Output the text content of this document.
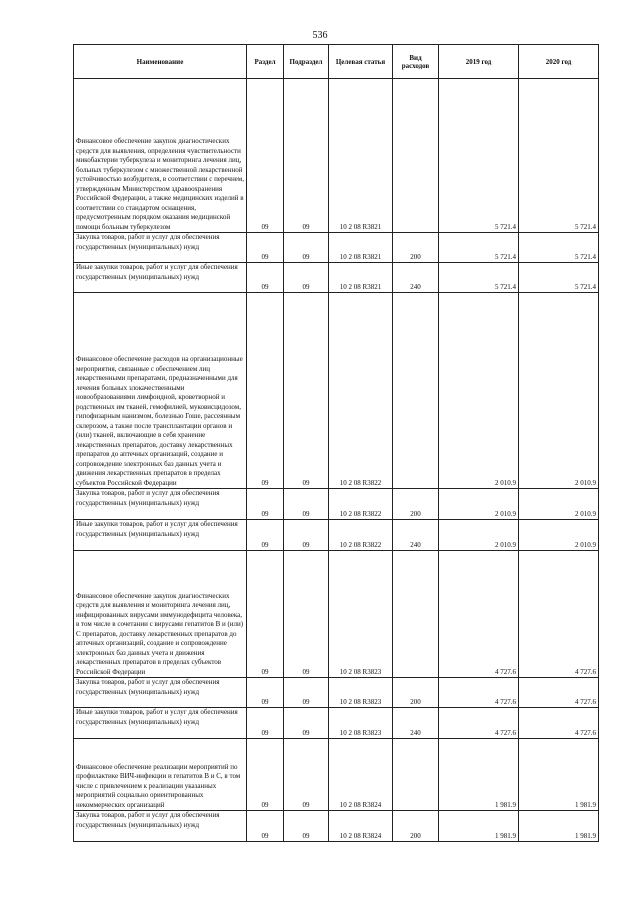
536
Наименование	Раздел	Подраздел	Целевая статья	Вид расходов	2019 год	2020 год
Финансовое обеспечение закупок диагностических средств для выявления, определения чувствительности микобактерии туберкулеза и мониторинга лечения лиц, больных туберкулезом с множественной лекарственной устойчивостью возбудителя, в соответствии с перечнем, утвержденным Министерством здравоохранения Российской Федерации, а также медицинских изделий в соответствии со стандартом оснащения, предусмотренным порядком оказания медицинской помощи больным туберкулезом	09	09	10 2 08 R3821		5 721.4	5 721.4
Закупка товаров, работ и услуг для обеспечения государственных (муниципальных) нужд	09	09	10 2 08 R3821	200	5 721.4	5 721.4
Иные закупки товаров, работ и услуг для обеспечения государственных (муниципальных) нужд	09	09	10 2 08 R3821	240	5 721.4	5 721.4
Финансовое обеспечение расходов на организационные мероприятия, связанные с обеспечением лиц лекарственными препаратами, предназначенными для лечения больных злокачественными новообразованиями лимфоидной, кроветворной и родственных им тканей, гемофилией, муковисцидозом, гипофизарным нанизмом, болезнью Гоше, рассеянным склерозом, а также после трансплантации органов и (или) тканей, включающие в себя хранение лекарственных препаратов, доставку лекарственных препаратов до аптечных организаций, создание и сопровождение электронных баз данных учета и движения лекарственных препаратов в пределах субъектов Российской Федерации	09	09	10 2 08 R3822		2 010.9	2 010.9
Закупка товаров, работ и услуг для обеспечения государственных (муниципальных) нужд	09	09	10 2 08 R3822	200	2 010.9	2 010.9
Иные закупки товаров, работ и услуг для обеспечения государственных (муниципальных) нужд	09	09	10 2 08 R3822	240	2 010.9	2 010.9
Финансовое обеспечение закупок диагностических средств для выявления и мониторинга лечения лиц, инфицированных вирусами иммунодефицита человека, в том числе в сочетании с вирусами гепатитов В и (или) С препаратов, доставку лекарственных препаратов до аптечных организаций, создание и сопровождение электронных баз данных учета и движения лекарственных препаратов в пределах субъектов Российской Федерации	09	09	10 2 08 R3823		4 727.6	4 727.6
Закупка товаров, работ и услуг для обеспечения государственных (муниципальных) нужд	09	09	10 2 08 R3823	200	4 727.6	4 727.6
Иные закупки товаров, работ и услуг для обеспечения государственных (муниципальных) нужд	09	09	10 2 08 R3823	240	4 727.6	4 727.6
Финансовое обеспечение реализации мероприятий по профилактике ВИЧ-инфекции и гепатитов В и С, в том числе с привлечением к реализации указанных мероприятий социально ориентированных некоммерческих организаций	09	09	10 2 08 R3824		1 981.9	1 981.9
Закупка товаров, работ и услуг для обеспечения государственных (муниципальных) нужд	09	09	10 2 08 R3824	200	1 981.9	1 981.9
